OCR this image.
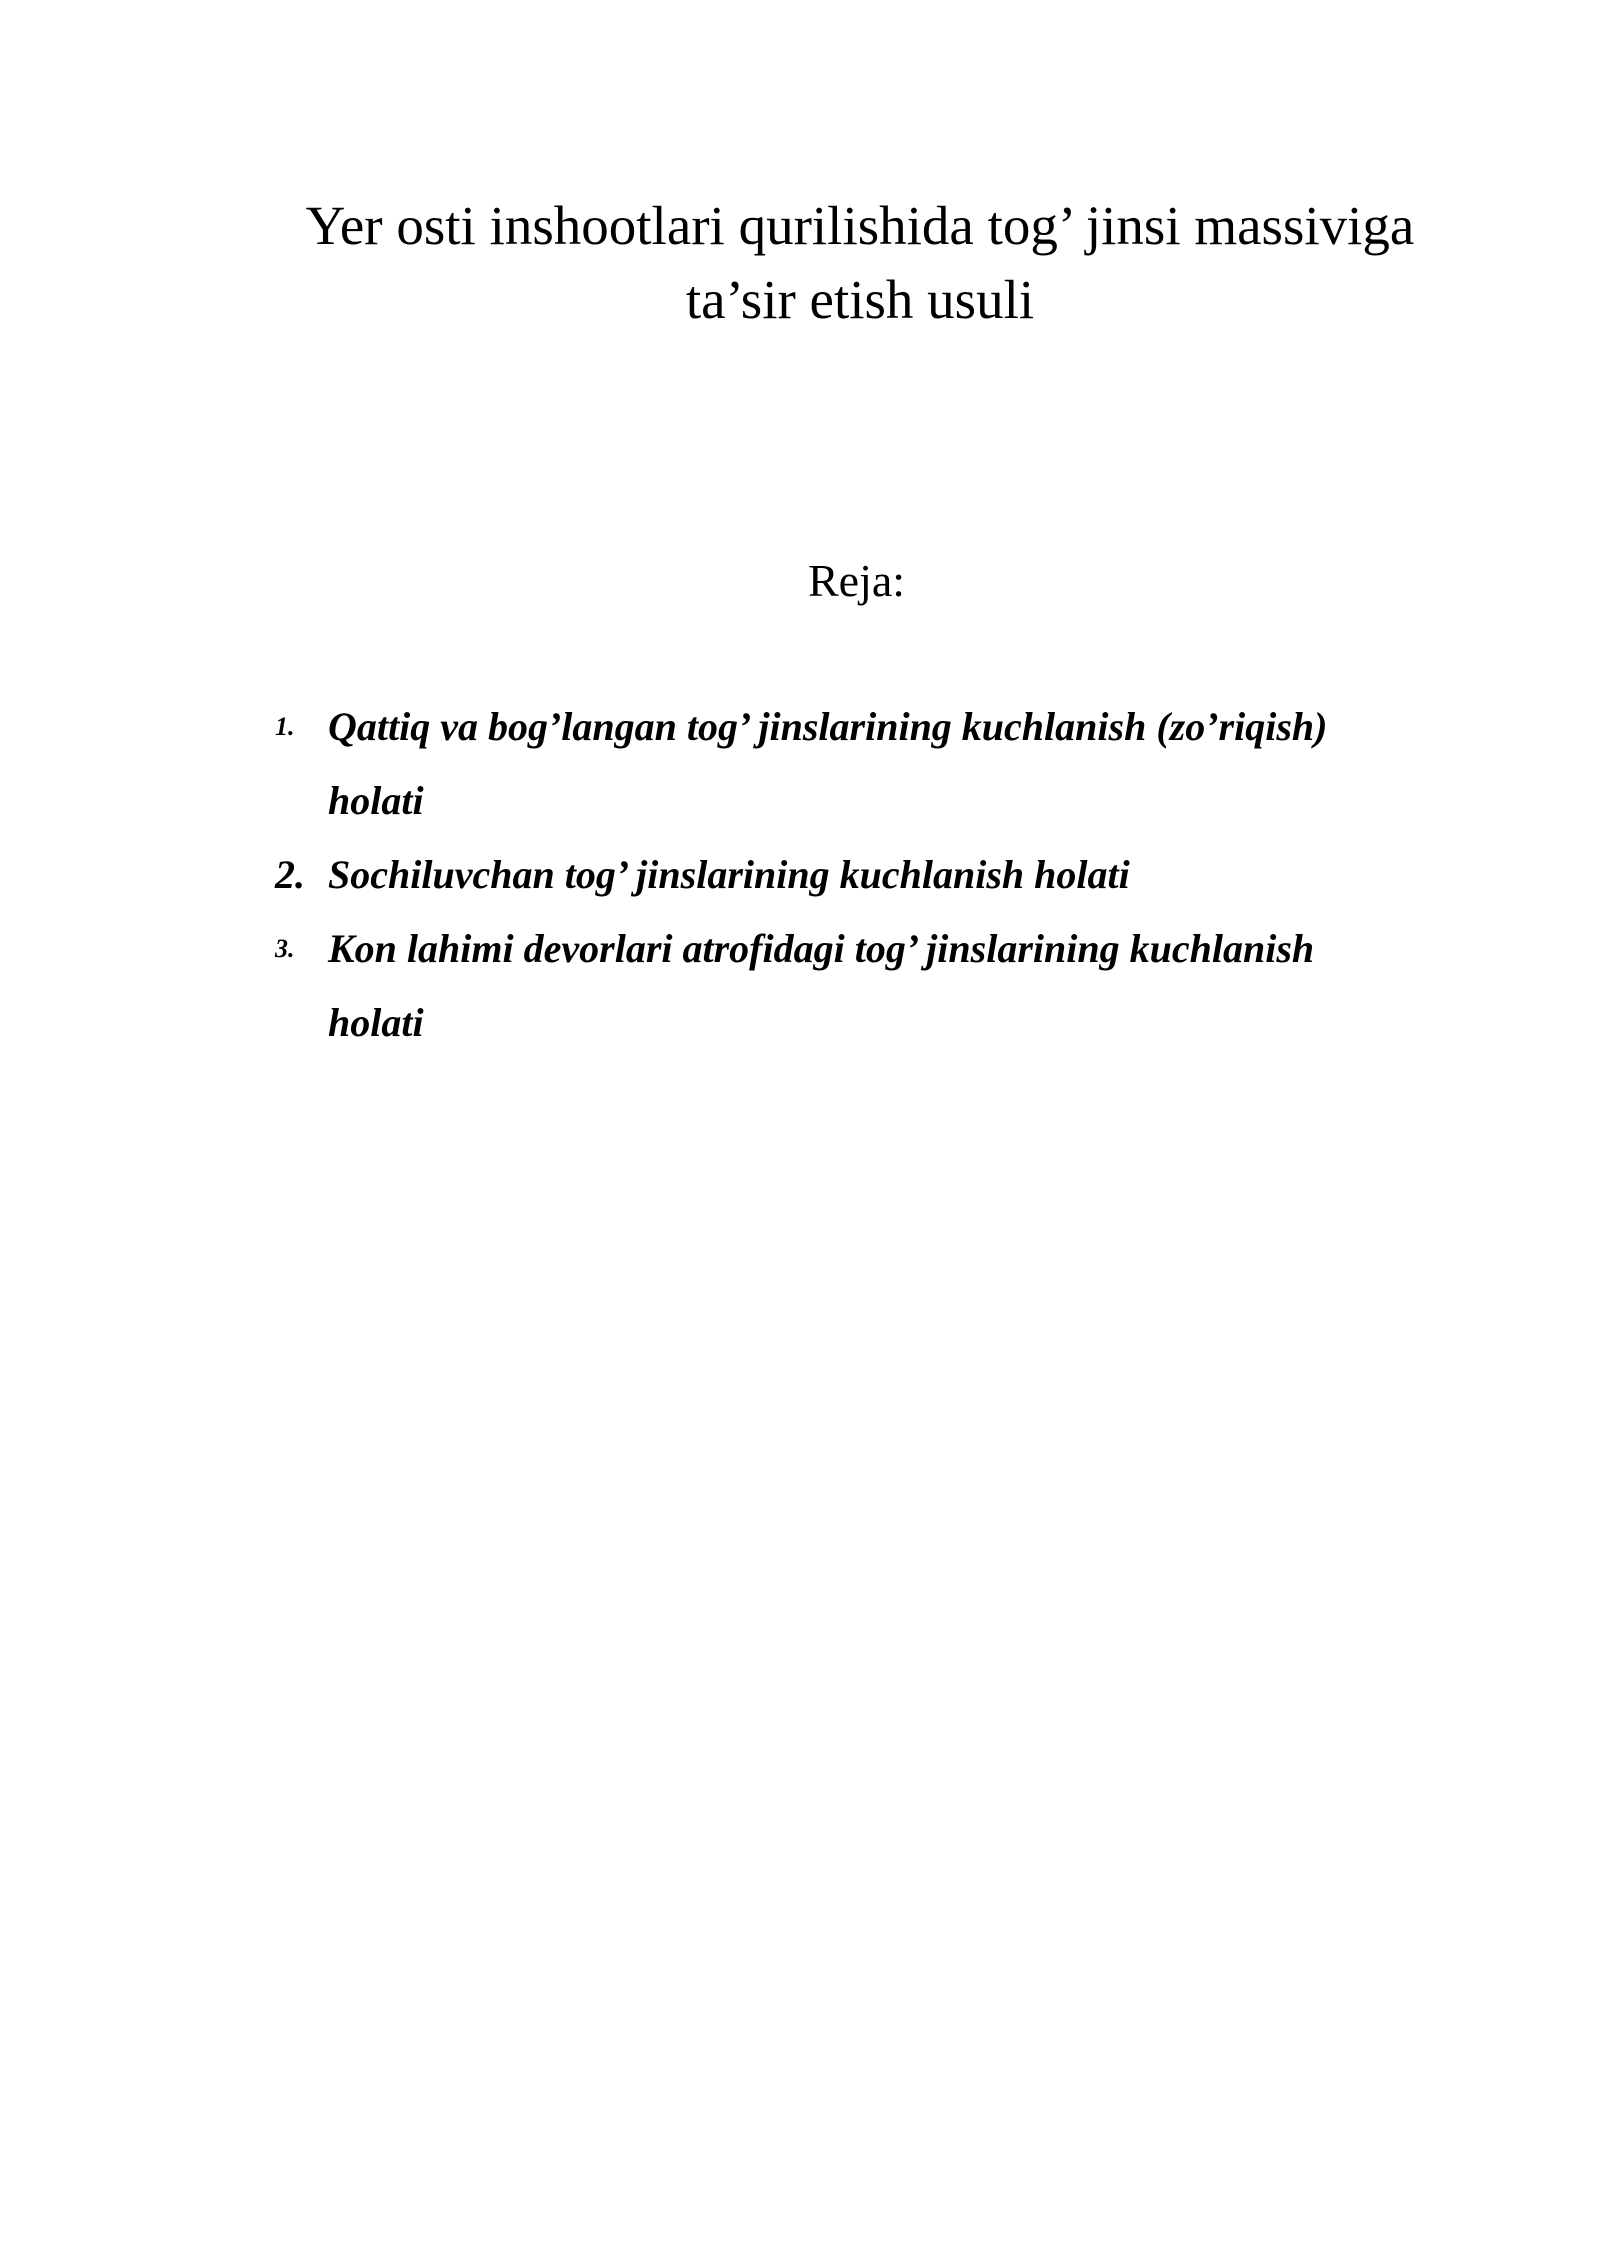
Yer osti inshootlari qurilishida tog’ jinsi massiviga
ta’sir etish usuli
Reja:
1. Qattiq va bog’langan tog’ jinslarining kuchlanish (zo’riqish)
holati
2. Sochiluvchan tog’ jinslarining kuchlanish holati
3. Kon lahimi devorlari atrofidagi tog’ jinslarining kuchlanish
holati
